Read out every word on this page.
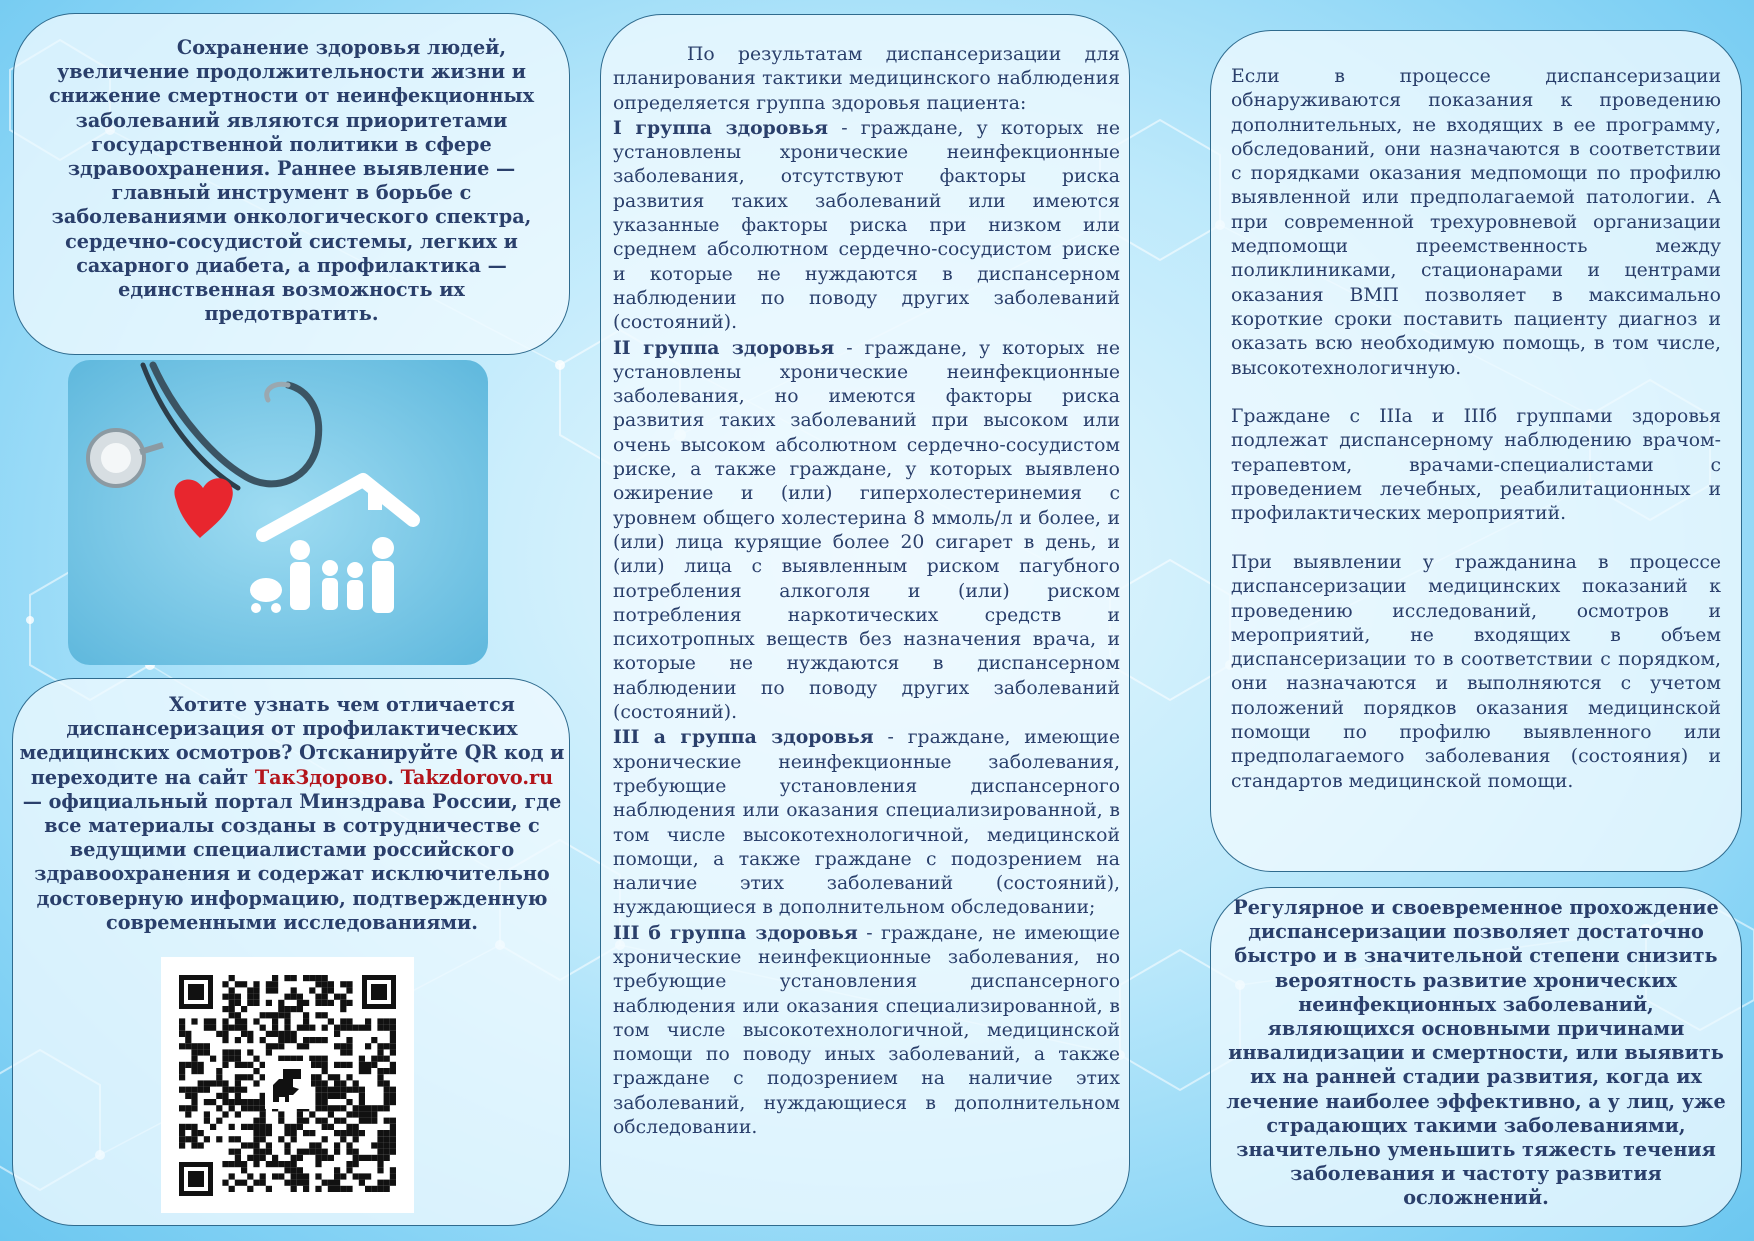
Сохранение здоровья людей, увеличение продолжительности жизни и снижение смертности от неинфекционных заболеваний являются приоритетами государственной политики в сфере здравоохранения. Раннее выявление — главный инструмент в борьбе с заболеваниями онкологического спектра, сердечно-сосудистой системы, легких и сахарного диабета, а профилактика — единственная возможность их предотвратить.

По результатам диспансеризации для планирования тактики медицинского наблюдения определяется группа здоровья пациента:

I группа здоровья - граждане, у которых не установлены хронические неинфекционные заболевания, отсутствуют факторы риска развития таких заболеваний или имеются указанные факторы риска при низком или среднем абсолютном сердечно-сосудистом риске и которые не нуждаются в диспансерном наблюдении по поводу других заболеваний (состояний).

II группа здоровья - граждане, у которых не установлены хронические неинфекционные заболевания, но имеются факторы риска развития таких заболеваний при высоком или очень высоком абсолютном сердечно-сосудистом риске, а также граждане, у которых выявлено ожирение и (или) гиперхолестеринемия с уровнем общего холестерина 8 ммоль/л и более, и (или) лица курящие более 20 сигарет в день, и (или) лица с выявленным риском пагубного потребления алкоголя и (или) риском потребления наркотических средств и психотропных веществ без назначения врача, и которые не нуждаются в диспансерном наблюдении по поводу других заболеваний (состояний).

III а группа здоровья - граждане, имеющие хронические неинфекционные заболевания, требующие установления диспансерного наблюдения или оказания специализированной, в том числе высокотехнологичной, медицинской помощи, а также граждане с подозрением на наличие этих заболеваний (состояний), нуждающиеся в дополнительном обследовании;

III б группа здоровья - граждане, не имеющие хронические неинфекционные заболевания, но требующие установления диспансерного наблюдения или оказания специализированной, в том числе высокотехнологичной, медицинской помощи по поводу иных заболеваний, а также граждане с подозрением на наличие этих заболеваний, нуждающиеся в дополнительном обследовании.

Если в процессе диспансеризации обнаруживаются показания к проведению дополнительных, не входящих в ее программу, обследований, они назначаются в соответствии с порядками оказания медпомощи по профилю выявленной или предполагаемой патологии. А при современной трехуровневой организации медпомощи преемственность между поликлиниками, стационарами и центрами оказания ВМП позволяет в максимально короткие сроки поставить пациенту диагноз и оказать всю необходимую помощь, в том числе, высокотехнологичную.

Граждане с IIIа и IIIб группами здоровья подлежат диспансерному наблюдению врачом-терапевтом, врачами-специалистами с проведением лечебных, реабилитационных и профилактических мероприятий.

При выявлении у гражданина в процессе диспансеризации медицинских показаний к проведению исследований, осмотров и мероприятий, не входящих в объем диспансеризации то в соответствии с порядком, они назначаются и выполняются с учетом положений порядков оказания медицинской помощи по профилю выявленного или предполагаемого заболевания (состояния) и стандартов медицинской помощи.

Хотите узнать чем отличается диспансеризация от профилактических медицинских осмотров? Отсканируйте QR код и переходите на сайт ТакЗдорово. Takzdorovo.ru — официальный портал Минздрава России, где все материалы созданы в сотрудничестве с ведущими специалистами российского здравоохранения и содержат исключительно достоверную информацию, подтвержденную современными исследованиями.

Регулярное и своевременное прохождение диспансеризации позволяет достаточно быстро и в значительной степени снизить вероятность развитие хронических неинфекционных заболеваний, являющихся основными причинами инвалидизации и смертности, или выявить их на ранней стадии развития, когда их лечение наиболее эффективно, а у лиц, уже страдающих такими заболеваниями, значительно уменьшить тяжесть течения заболевания и частоту развития осложнений.
